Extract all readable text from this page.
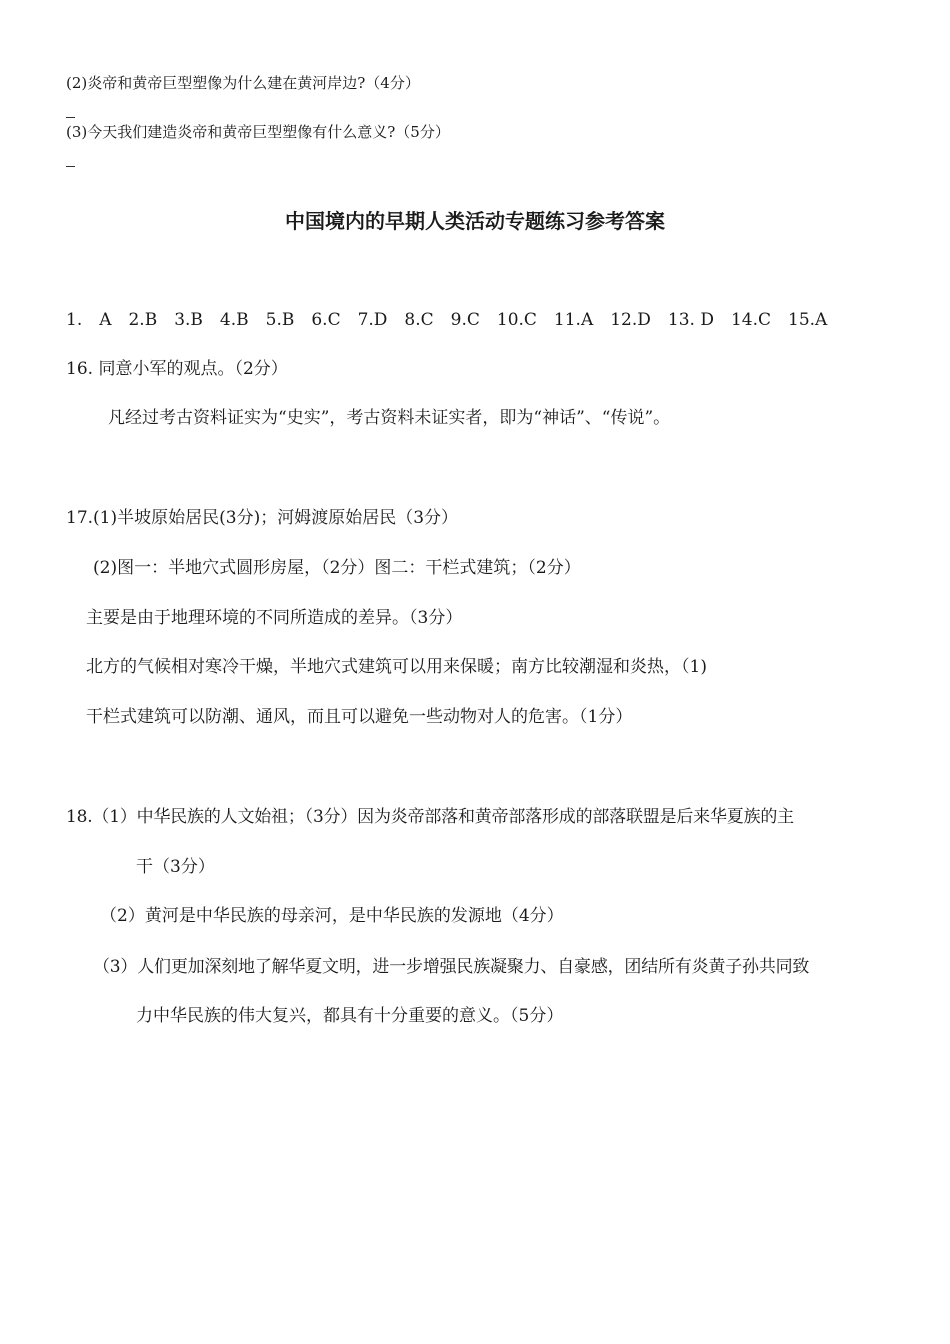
(2)炎帝和黄帝巨型塑像为什么建在黄河岸边?（4分）
(3)今天我们建造炎帝和黄帝巨型塑像有什么意义?（5分）
中国境内的早期人类活动专题练习参考答案
1.　A　2.B　3.B　4.B　5.B　6.C　7.D　8.C　9.C　10.C　11.A　12.D　13. D　14.C　15.A
16. 同意小军的观点。（2分）
凡经过考古资料证实为“史实”，考古资料未证实者，即为“神话”、“传说”。
17.(1)半坡原始居民(3分)；河姆渡原始居民（3分）
(2)图一：半地穴式圆形房屋，（2分）图二：干栏式建筑；（2分）
主要是由于地理环境的不同所造成的差异。（3分）
北方的气候相对寒冷干燥，半地穴式建筑可以用来保暖；南方比较潮湿和炎热，（1)
干栏式建筑可以防潮、通风，而且可以避免一些动物对人的危害。（1分）
18.（1）中华民族的人文始祖；（3分）因为炎帝部落和黄帝部落形成的部落联盟是后来华夏族的主
干（3分）
（2）黄河是中华民族的母亲河，是中华民族的发源地（4分）
（3）人们更加深刻地了解华夏文明，进一步增强民族凝聚力、自豪感，团结所有炎黄子孙共同致
力中华民族的伟大复兴，都具有十分重要的意义。（5分）
